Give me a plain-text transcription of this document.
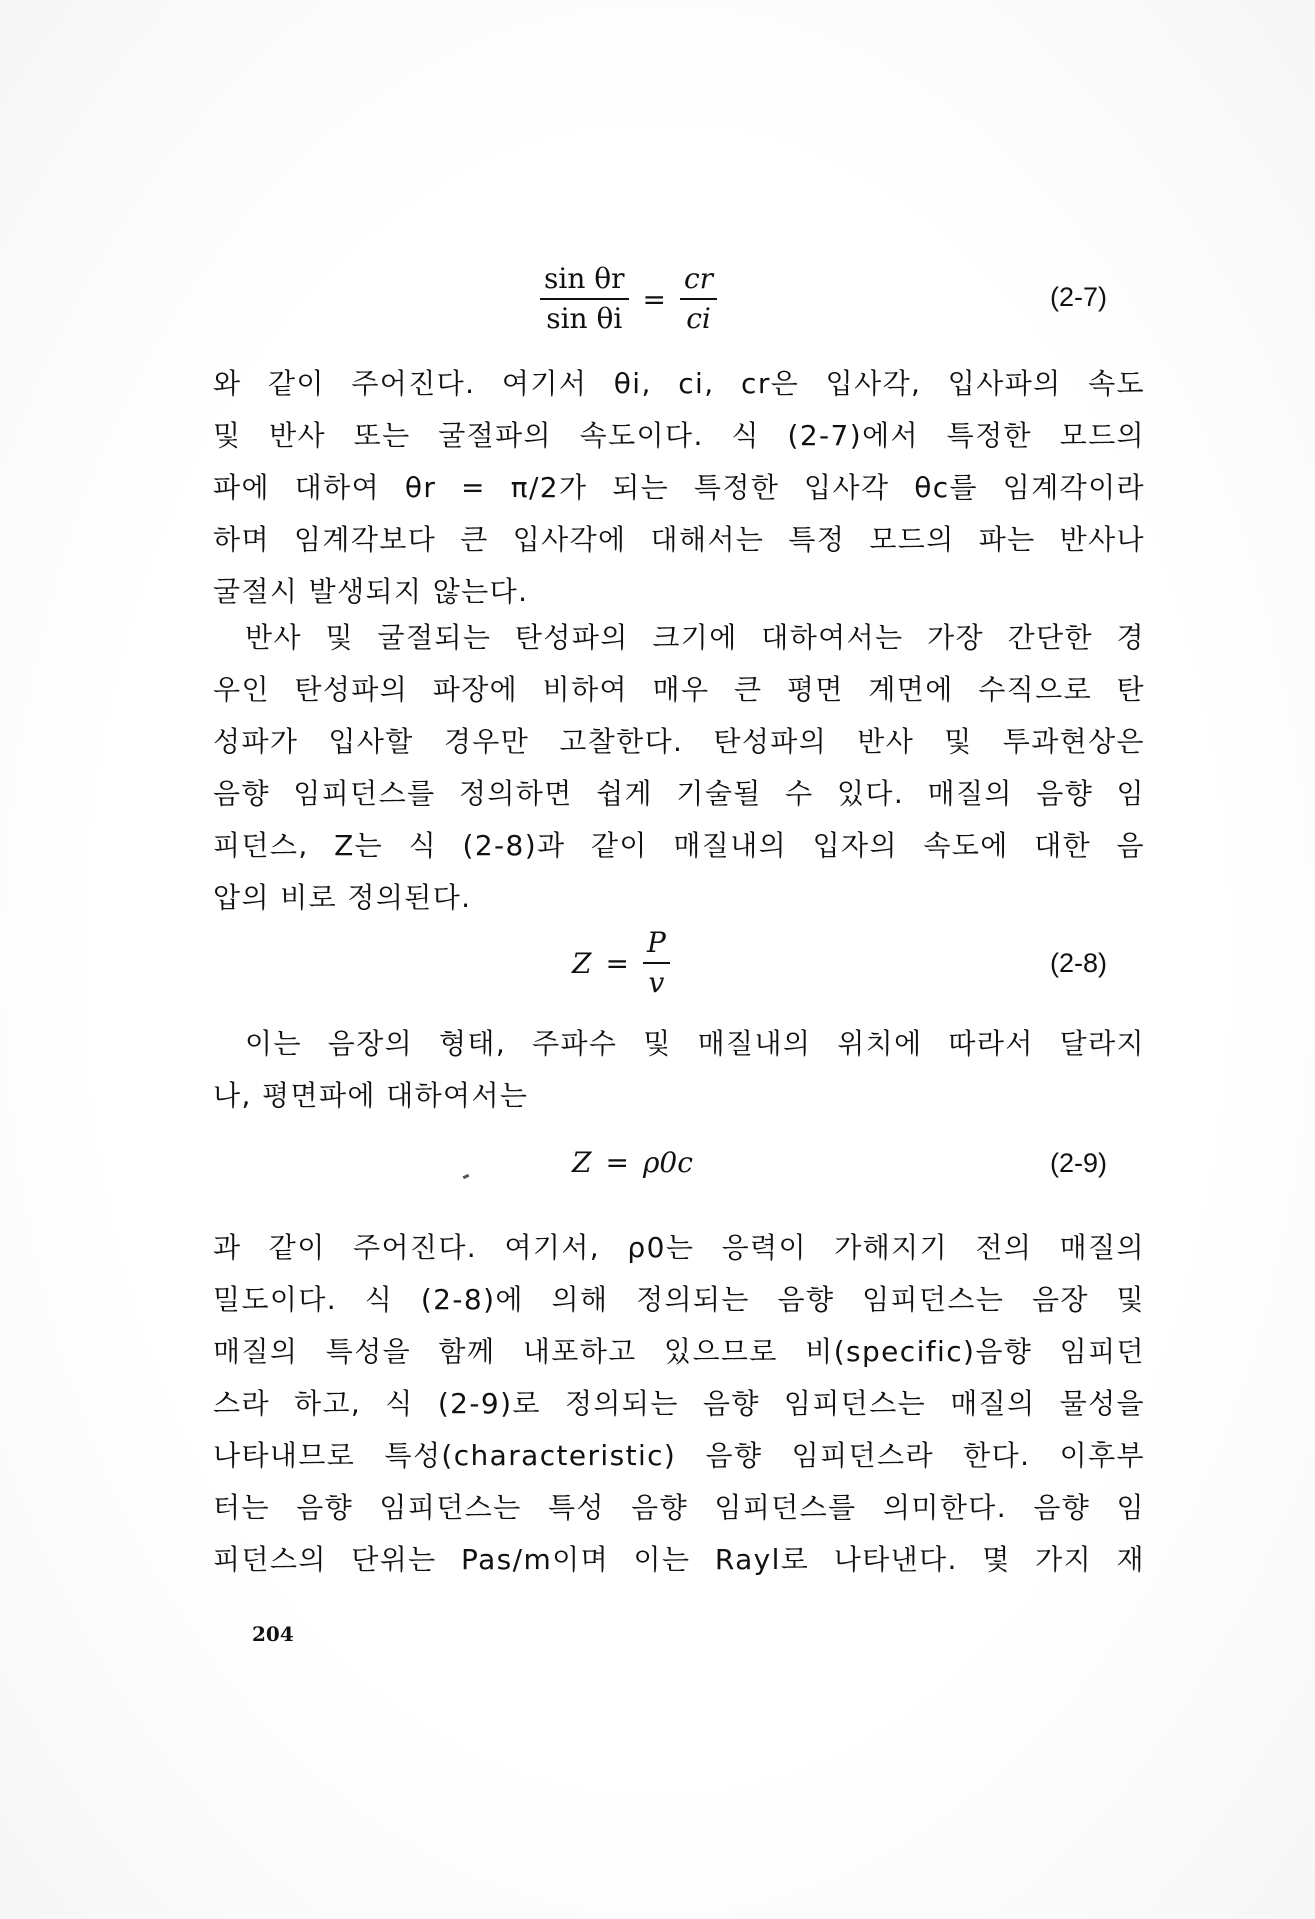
$\frac{\text{sin θr}}{\text{sin θi}} = \frac{cr}{ci}$	(2-7)
와 같이 주어진다. 여기서 θi, ci, cr은 입사각, 입사파의 속도
및 반사 또는 굴절파의 속도이다. 식 (2-7)에서 특정한 모드의
파에 대하여 θr = π/2가 되는 특정한 입사각 θc를 임계각이라
하며 임계각보다 큰 입사각에 대해서는 특정 모드의 파는 반사나
굴절시 발생되지 않는다.
반사 및 굴절되는 탄성파의 크기에 대하여서는 가장 간단한 경
우인 탄성파의 파장에 비하여 매우 큰 평면 계면에 수직으로 탄
성파가 입사할 경우만 고찰한다. 탄성파의 반사 및 투과현상은
음향 임피던스를 정의하면 쉽게 기술될 수 있다. 매질의 음향 임
피던스, Z는 식 (2-8)과 같이 매질내의 입자의 속도에 대한 음
압의 비로 정의된다.
$Z = \frac{P}{v}$	(2-8)
이는 음장의 형태, 주파수 및 매질내의 위치에 따라서 달라지
나, 평면파에 대하여서는
Z = ρ0c	(2-9)
과 같이 주어진다. 여기서, ρ0는 응력이 가해지기 전의 매질의
밀도이다. 식 (2-8)에 의해 정의되는 음향 임피던스는 음장 및
매질의 특성을 함께 내포하고 있으므로 비(specific)음향 임피던
스라 하고, 식 (2-9)로 정의되는 음향 임피던스는 매질의 물성을
나타내므로 특성(characteristic) 음향 임피던스라 한다. 이후부
터는 음향 임피던스는 특성 음향 임피던스를 의미한다. 음향 임
피던스의 단위는 Pas/m이며 이는 Rayl로 나타낸다. 몇 가지 재
204
